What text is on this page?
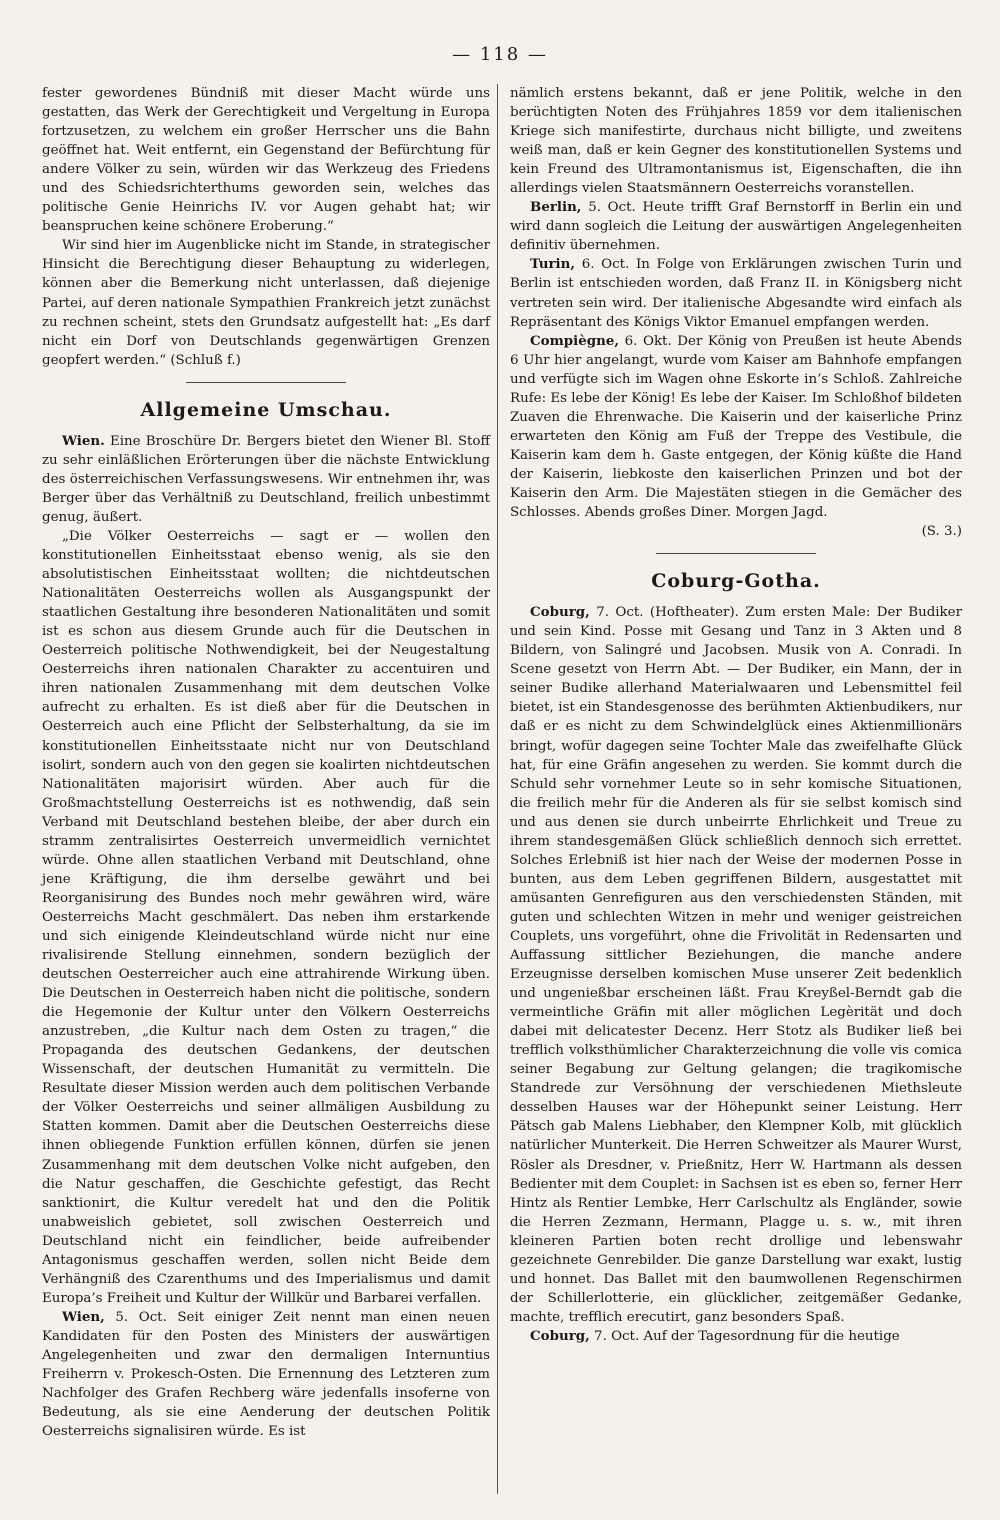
— 118 —

fester gewordenes Bündniß mit dieser Macht würde uns gestatten, das Werk der Gerechtigkeit und Vergeltung in Europa fortzusetzen, zu welchem ein großer Herrscher uns die Bahn geöffnet hat. Weit entfernt, ein Gegenstand der Befürchtung für andere Völker zu sein, würden wir das Werkzeug des Friedens und des Schiedsrichterthums geworden sein, welches das politische Genie Heinrichs IV. vor Augen gehabt hat; wir beanspruchen keine schönere Eroberung.“

Wir sind hier im Augenblicke nicht im Stande, in strategischer Hinsicht die Berechtigung dieser Behauptung zu widerlegen, können aber die Bemerkung nicht unterlassen, daß diejenige Partei, auf deren nationale Sympathien Frankreich jetzt zunächst zu rechnen scheint, stets den Grundsatz aufgestellt hat: „Es darf nicht ein Dorf von Deutschlands gegenwärtigen Grenzen geopfert werden.“ (Schluß f.)

Allgemeine Umschau.

Wien. Eine Broschüre Dr. Bergers bietet den Wiener Bl. Stoff zu sehr einläßlichen Erörterungen über die nächste Entwicklung des österreichischen Verfassungswesens. Wir entnehmen ihr, was Berger über das Verhältniß zu Deutschland, freilich unbestimmt genug, äußert.

„Die Völker Oesterreichs — sagt er — wollen den konstitutionellen Einheitsstaat ebenso wenig, als sie den absolutistischen Einheitsstaat wollten; die nichtdeutschen Nationalitäten Oesterreichs wollen als Ausgangspunkt der staatlichen Gestaltung ihre besonderen Nationalitäten und somit ist es schon aus diesem Grunde auch für die Deutschen in Oesterreich politische Nothwendigkeit, bei der Neugestaltung Oesterreichs ihren nationalen Charakter zu accentuiren und ihren nationalen Zusammenhang mit dem deutschen Volke aufrecht zu erhalten. Es ist dieß aber für die Deutschen in Oesterreich auch eine Pflicht der Selbsterhaltung, da sie im konstitutionellen Einheitsstaate nicht nur von Deutschland isolirt, sondern auch von den gegen sie koalirten nichtdeutschen Nationalitäten majorisirt würden. Aber auch für die Großmachtstellung Oesterreichs ist es nothwendig, daß sein Verband mit Deutschland bestehen bleibe, der aber durch ein stramm zentralisirtes Oesterreich unvermeidlich vernichtet würde. Ohne allen staatlichen Verband mit Deutschland, ohne jene Kräftigung, die ihm derselbe gewährt und bei Reorganisirung des Bundes noch mehr gewähren wird, wäre Oesterreichs Macht geschmälert. Das neben ihm erstarkende und sich einigende Kleindeutschland würde nicht nur eine rivalisirende Stellung einnehmen, sondern bezüglich der deutschen Oesterreicher auch eine attrahirende Wirkung üben. Die Deutschen in Oesterreich haben nicht die politische, sondern die Hegemonie der Kultur unter den Völkern Oesterreichs anzustreben, „die Kultur nach dem Osten zu tragen,“ die Propaganda des deutschen Gedankens, der deutschen Wissenschaft, der deutschen Humanität zu vermitteln. Die Resultate dieser Mission werden auch dem politischen Verbande der Völker Oesterreichs und seiner allmäligen Ausbildung zu Statten kommen. Damit aber die Deutschen Oesterreichs diese ihnen obliegende Funktion erfüllen können, dürfen sie jenen Zusammenhang mit dem deutschen Volke nicht aufgeben, den die Natur geschaffen, die Geschichte gefestigt, das Recht sanktionirt, die Kultur veredelt hat und den die Politik unabweislich gebietet, soll zwischen Oesterreich und Deutschland nicht ein feindlicher, beide aufreibender Antagonismus geschaffen werden, sollen nicht Beide dem Verhängniß des Czarenthums und des Imperialismus und damit Europa’s Freiheit und Kultur der Willkür und Barbarei verfallen.

Wien, 5. Oct. Seit einiger Zeit nennt man einen neuen Kandidaten für den Posten des Ministers der auswärtigen Angelegenheiten und zwar den dermaligen Internuntius Freiherrn v. Prokesch-Osten. Die Ernennung des Letzteren zum Nachfolger des Grafen Rechberg wäre jedenfalls insoferne von Bedeutung, als sie eine Aenderung der deutschen Politik Oesterreichs signalisiren würde. Es ist

nämlich erstens bekannt, daß er jene Politik, welche in den berüchtigten Noten des Frühjahres 1859 vor dem italienischen Kriege sich manifestirte, durchaus nicht billigte, und zweitens weiß man, daß er kein Gegner des konstitutionellen Systems und kein Freund des Ultramontanismus ist, Eigenschaften, die ihn allerdings vielen Staatsmännern Oesterreichs voranstellen.

Berlin, 5. Oct. Heute trifft Graf Bernstorff in Berlin ein und wird dann sogleich die Leitung der auswärtigen Angelegenheiten definitiv übernehmen.

Turin, 6. Oct. In Folge von Erklärungen zwischen Turin und Berlin ist entschieden worden, daß Franz II. in Königsberg nicht vertreten sein wird. Der italienische Abgesandte wird einfach als Repräsentant des Königs Viktor Emanuel empfangen werden.

Compiègne, 6. Okt. Der König von Preußen ist heute Abends 6 Uhr hier angelangt, wurde vom Kaiser am Bahnhofe empfangen und verfügte sich im Wagen ohne Eskorte in’s Schloß. Zahlreiche Rufe: Es lebe der König! Es lebe der Kaiser. Im Schloßhof bildeten Zuaven die Ehrenwache. Die Kaiserin und der kaiserliche Prinz erwarteten den König am Fuß der Treppe des Vestibule, die Kaiserin kam dem h. Gaste entgegen, der König küßte die Hand der Kaiserin, liebkoste den kaiserlichen Prinzen und bot der Kaiserin den Arm. Die Majestäten stiegen in die Gemächer des Schlosses. Abends großes Diner. Morgen Jagd.

(S. 3.)
Coburg-Gotha.

Coburg, 7. Oct. (Hoftheater). Zum ersten Male: Der Budiker und sein Kind. Posse mit Gesang und Tanz in 3 Akten und 8 Bildern, von Salingré und Jacobsen. Musik von A. Conradi. In Scene gesetzt von Herrn Abt. — Der Budiker, ein Mann, der in seiner Budike allerhand Materialwaaren und Lebensmittel feil bietet, ist ein Standesgenosse des berühmten Aktienbudikers, nur daß er es nicht zu dem Schwindelglück eines Aktienmillionärs bringt, wofür dagegen seine Tochter Male das zweifelhafte Glück hat, für eine Gräfin angesehen zu werden. Sie kommt durch die Schuld sehr vornehmer Leute so in sehr komische Situationen, die freilich mehr für die Anderen als für sie selbst komisch sind und aus denen sie durch unbeirrte Ehrlichkeit und Treue zu ihrem standesgemäßen Glück schließlich dennoch sich errettet. Solches Erlebniß ist hier nach der Weise der modernen Posse in bunten, aus dem Leben gegriffenen Bildern, ausgestattet mit amüsanten Genrefiguren aus den verschiedensten Ständen, mit guten und schlechten Witzen in mehr und weniger geistreichen Couplets, uns vorgeführt, ohne die Frivolität in Redensarten und Auffassung sittlicher Beziehungen, die manche andere Erzeugnisse derselben komischen Muse unserer Zeit bedenklich und ungenießbar erscheinen läßt. Frau Kreyßel-Berndt gab die vermeintliche Gräfin mit aller möglichen Legèrität und doch dabei mit delicatester Decenz. Herr Stotz als Budiker ließ bei trefflich volksthümlicher Charakterzeichnung die volle vis comica seiner Begabung zur Geltung gelangen; die tragikomische Standrede zur Versöhnung der verschiedenen Miethsleute desselben Hauses war der Höhepunkt seiner Leistung. Herr Pätsch gab Malens Liebhaber, den Klempner Kolb, mit glücklich natürlicher Munterkeit. Die Herren Schweitzer als Maurer Wurst, Rösler als Dresdner, v. Prießnitz, Herr W. Hartmann als dessen Bedienter mit dem Couplet: in Sachsen ist es eben so, ferner Herr Hintz als Rentier Lembke, Herr Carlschultz als Engländer, sowie die Herren Zezmann, Hermann, Plagge u. s. w., mit ihren kleineren Partien boten recht drollige und lebenswahr gezeichnete Genrebilder. Die ganze Darstellung war exakt, lustig und honnet. Das Ballet mit den baumwollenen Regenschirmen der Schillerlotterie, ein glücklicher, zeitgemäßer Gedanke, machte, trefflich erecutirt, ganz besonders Spaß.

Coburg, 7. Oct. Auf der Tagesordnung für die heutige
